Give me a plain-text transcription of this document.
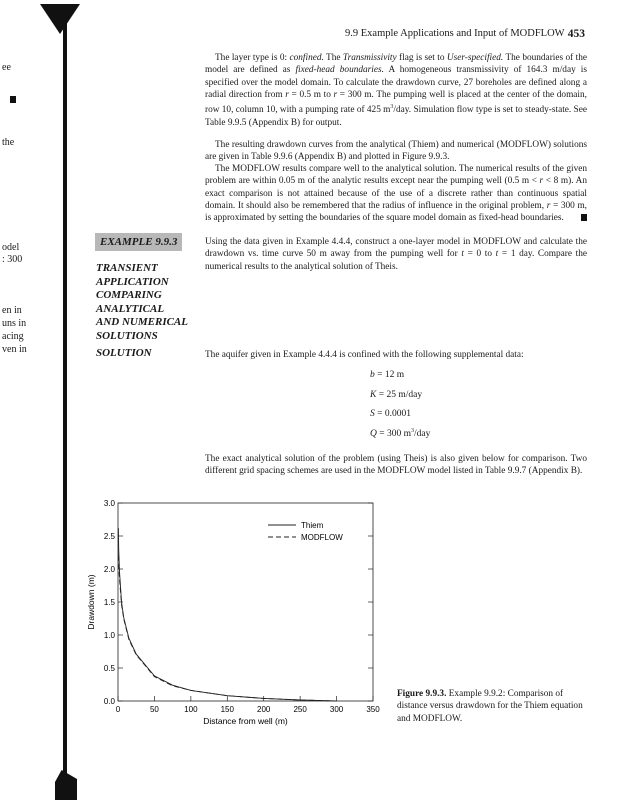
ee
the
odel
: 300
en in
uns in
acing
ven in
9.9 Example Applications and Input of MODFLOW 453

The layer type is 0: confined. The Transmissivity flag is set to User-specified. The boundaries of the model are defined as fixed-head boundaries. A homogeneous transmissivity of 164.3 m/day is specified over the model domain. To calculate the drawdown curve, 27 boreholes are defined along a radial direction from r = 0.5 m to r = 300 m. The pumping well is placed at the center of the domain, row 10, column 10, with a pumping rate of 425 $m^3$/day. Simulation flow type is set to steady-state. See Table 9.9.5 (Appendix B) for output.

The resulting drawdown curves from the analytical (Thiem) and numerical (MODFLOW) solutions are given in Table 9.9.6 (Appendix B) and plotted in Figure 9.9.3.

The MODFLOW results compare well to the analytical solution. The numerical results of the given problem are within 0.05 m of the analytic results except near the pumping well (0.5 m < r < 8 m). An exact comparison is not attained because of the use of a discrete rather than continuous spatial domain. It should also be remembered that the radius of influence in the original problem, r = 300 m, is approximated by setting the boundaries of the square model domain as fixed-head boundaries.

EXAMPLE 9.9.3
TRANSIENT
APPLICATION
COMPARING
ANALYTICAL
AND NUMERICAL
SOLUTIONS

Using the data given in Example 4.4.4, construct a one-layer model in MODFLOW and calculate the drawdown vs. time curve 50 m away from the pumping well for t = 0 to t = 1 day. Compare the numerical results to the analytical solution of Theis.

SOLUTION	The aquifer given in Example 4.4.4 is confined with the following supplemental data:

b = 12 m
K = 25 m/day
S = 0.0001
Q = 300 $m^3$/day

The exact analytical solution of the problem (using Theis) is also given below for comparison. Two different grid spacing schemes are used in the MODFLOW model listed in Table 9.9.7 (Appendix B).

0	50	100	150	200	250	300	350
0.0
0.5
1.0
1.5
2.0
2.5
3.0
Thiem
MODFLOW
Distance from well (m)
Drawdown (m)
Figure 9.9.3. Example 9.9.2: Comparison of distance versus drawdown for the Thiem equation and MODFLOW.
